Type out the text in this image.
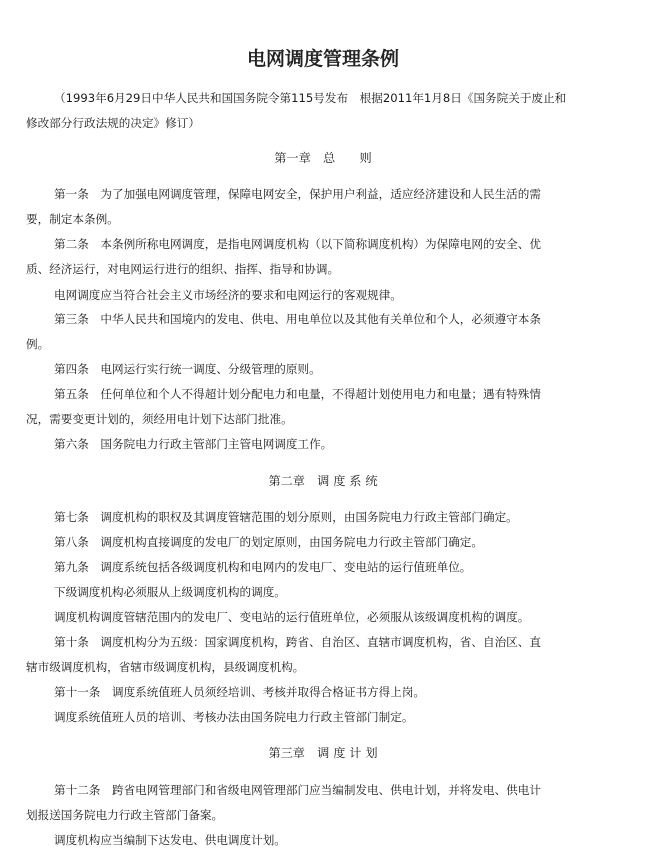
电网调度管理条例

（1993年6月29日中华人民共和国国务院令第115号发布　根据2011年1月8日《国务院关于废止和
修改部分行政法规的决定》修订）

第一章　总　　则

第一条　为了加强电网调度管理，保障电网安全，保护用户利益，适应经济建设和人民生活的需
要，制定本条例。

第二条　本条例所称电网调度，是指电网调度机构（以下简称调度机构）为保障电网的安全、优
质、经济运行，对电网运行进行的组织、指挥、指导和协调。

电网调度应当符合社会主义市场经济的要求和电网运行的客观规律。

第三条　中华人民共和国境内的发电、供电、用电单位以及其他有关单位和个人，必须遵守本条
例。

第四条　电网运行实行统一调度、分级管理的原则。

第五条　任何单位和个人不得超计划分配电力和电量，不得超计划使用电力和电量；遇有特殊情
况，需要变更计划的，须经用电计划下达部门批准。

第六条　国务院电力行政主管部门主管电网调度工作。

第二章　调 度 系 统

第七条　调度机构的职权及其调度管辖范围的划分原则，由国务院电力行政主管部门确定。

第八条　调度机构直接调度的发电厂的划定原则，由国务院电力行政主管部门确定。

第九条　调度系统包括各级调度机构和电网内的发电厂、变电站的运行值班单位。

下级调度机构必须服从上级调度机构的调度。

调度机构调度管辖范围内的发电厂、变电站的运行值班单位，必须服从该级调度机构的调度。

第十条　调度机构分为五级：国家调度机构，跨省、自治区、直辖市调度机构，省、自治区、直
辖市级调度机构，省辖市级调度机构，县级调度机构。

第十一条　调度系统值班人员须经培训、考核并取得合格证书方得上岗。

调度系统值班人员的培训、考核办法由国务院电力行政主管部门制定。

第三章　调 度 计 划

第十二条　跨省电网管理部门和省级电网管理部门应当编制发电、供电计划，并将发电、供电计
划报送国务院电力行政主管部门备案。

调度机构应当编制下达发电、供电调度计划。
